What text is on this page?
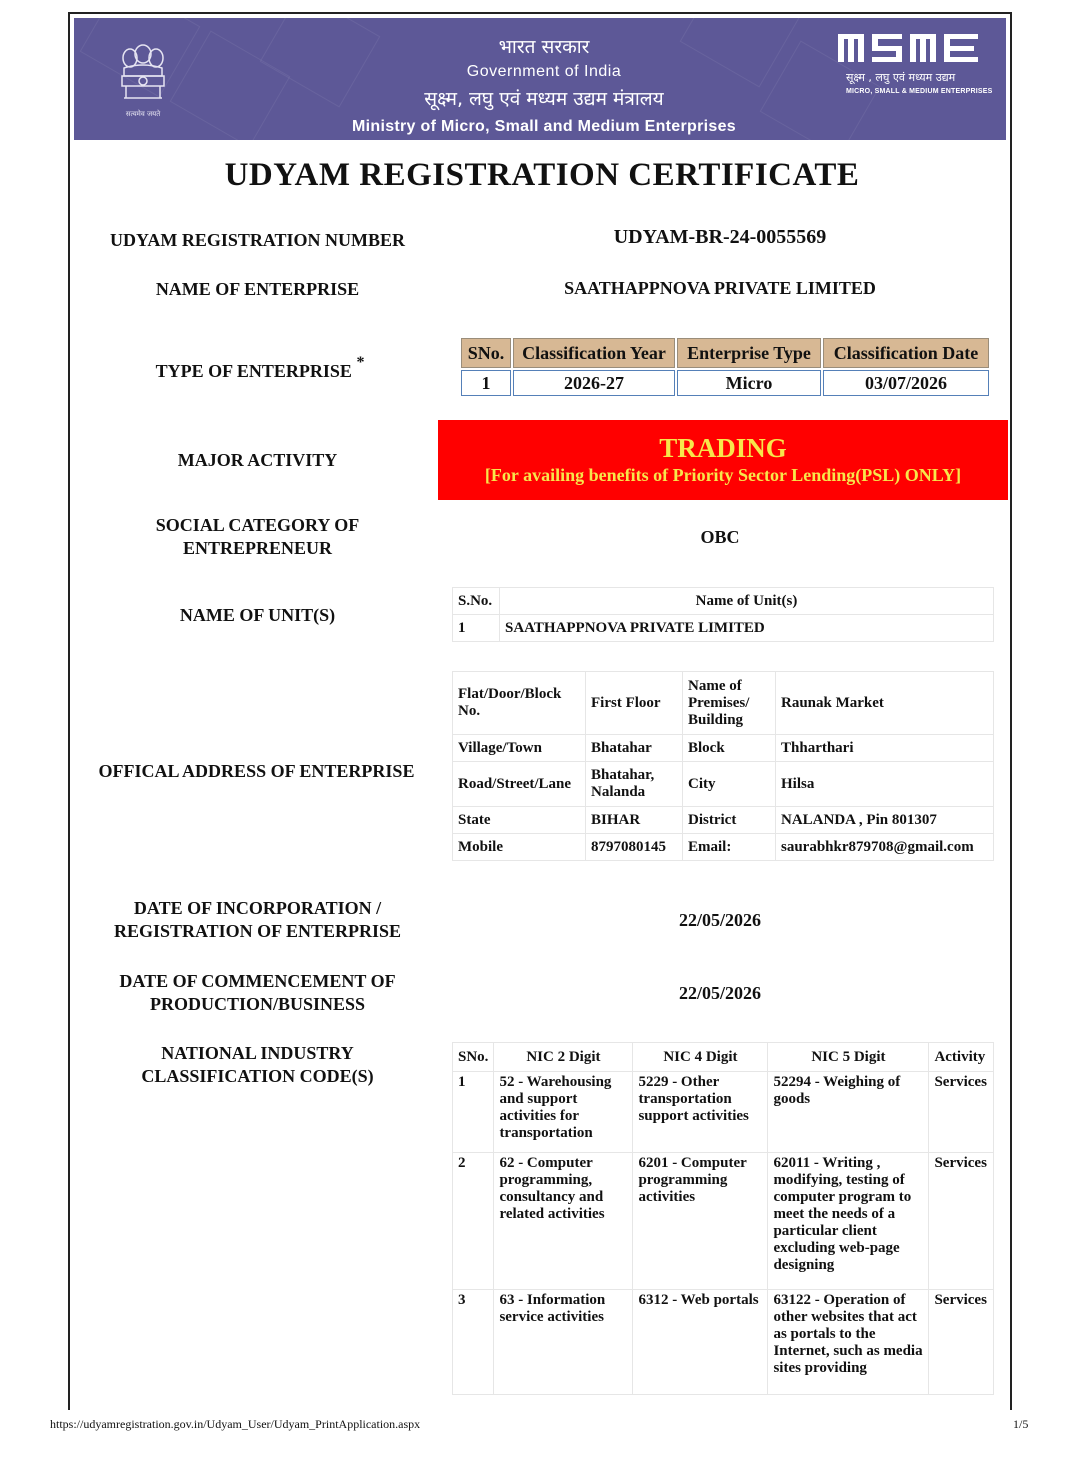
सत्यमेव जयते
भारत सरकार
Government of India
सूक्ष्म, लघु एवं मध्यम उद्यम मंत्रालय
Ministry of Micro, Small and Medium Enterprises
सूक्ष्म , लघु एवं मध्यम उद्यम
MICRO, SMALL & MEDIUM ENTERPRISES
UDYAM REGISTRATION CERTIFICATE
UDYAM REGISTRATION NUMBER	UDYAM-BR-24-0055569
NAME OF ENTERPRISE	SAATHAPPNOVA PRIVATE LIMITED
TYPE OF ENTERPRISE *	SNo.	Classification Year	Enterprise Type	Classification Date
1	2026-27	Micro	03/07/2026
MAJOR ACTIVITY	TRADING
[For availing benefits of Priority Sector Lending(PSL) ONLY]
SOCIAL CATEGORY OF
ENTREPRENEUR
OBC
NAME OF UNIT(S)
S.No.	Name of Unit(s)
1	SAATHAPPNOVA PRIVATE LIMITED
OFFICAL ADDRESS OF ENTERPRISE
Flat/Door/Block No.	First Floor	Name of Premises/ Building	Raunak Market
Village/Town	Bhatahar	Block	Thharthari
Road/Street/Lane	Bhatahar, Nalanda	City	Hilsa
State	BIHAR	District	NALANDA , Pin 801307
Mobile	8797080145	Email:	saurabhkr879708@gmail.com
DATE OF INCORPORATION /
REGISTRATION OF ENTERPRISE
22/05/2026
DATE OF COMMENCEMENT OF
PRODUCTION/BUSINESS
22/05/2026
NATIONAL INDUSTRY
CLASSIFICATION CODE(S)
SNo.	NIC 2 Digit	NIC 4 Digit	NIC 5 Digit	Activity
1	52 - Warehousing and support activities for transportation	5229 - Other transportation support activities	52294 - Weighing of goods	Services
2	62 - Computer programming, consultancy and related activities	6201 - Computer programming activities	62011 - Writing , modifying, testing of computer program to meet the needs of a particular client excluding web-page designing	Services
3	63 - Information service activities	6312 - Web portals	63122 - Operation of other websites that act as portals to the Internet, such as media sites providing	Services
https://udyamregistration.gov.in/Udyam_User/Udyam_PrintApplication.aspx	1/5
